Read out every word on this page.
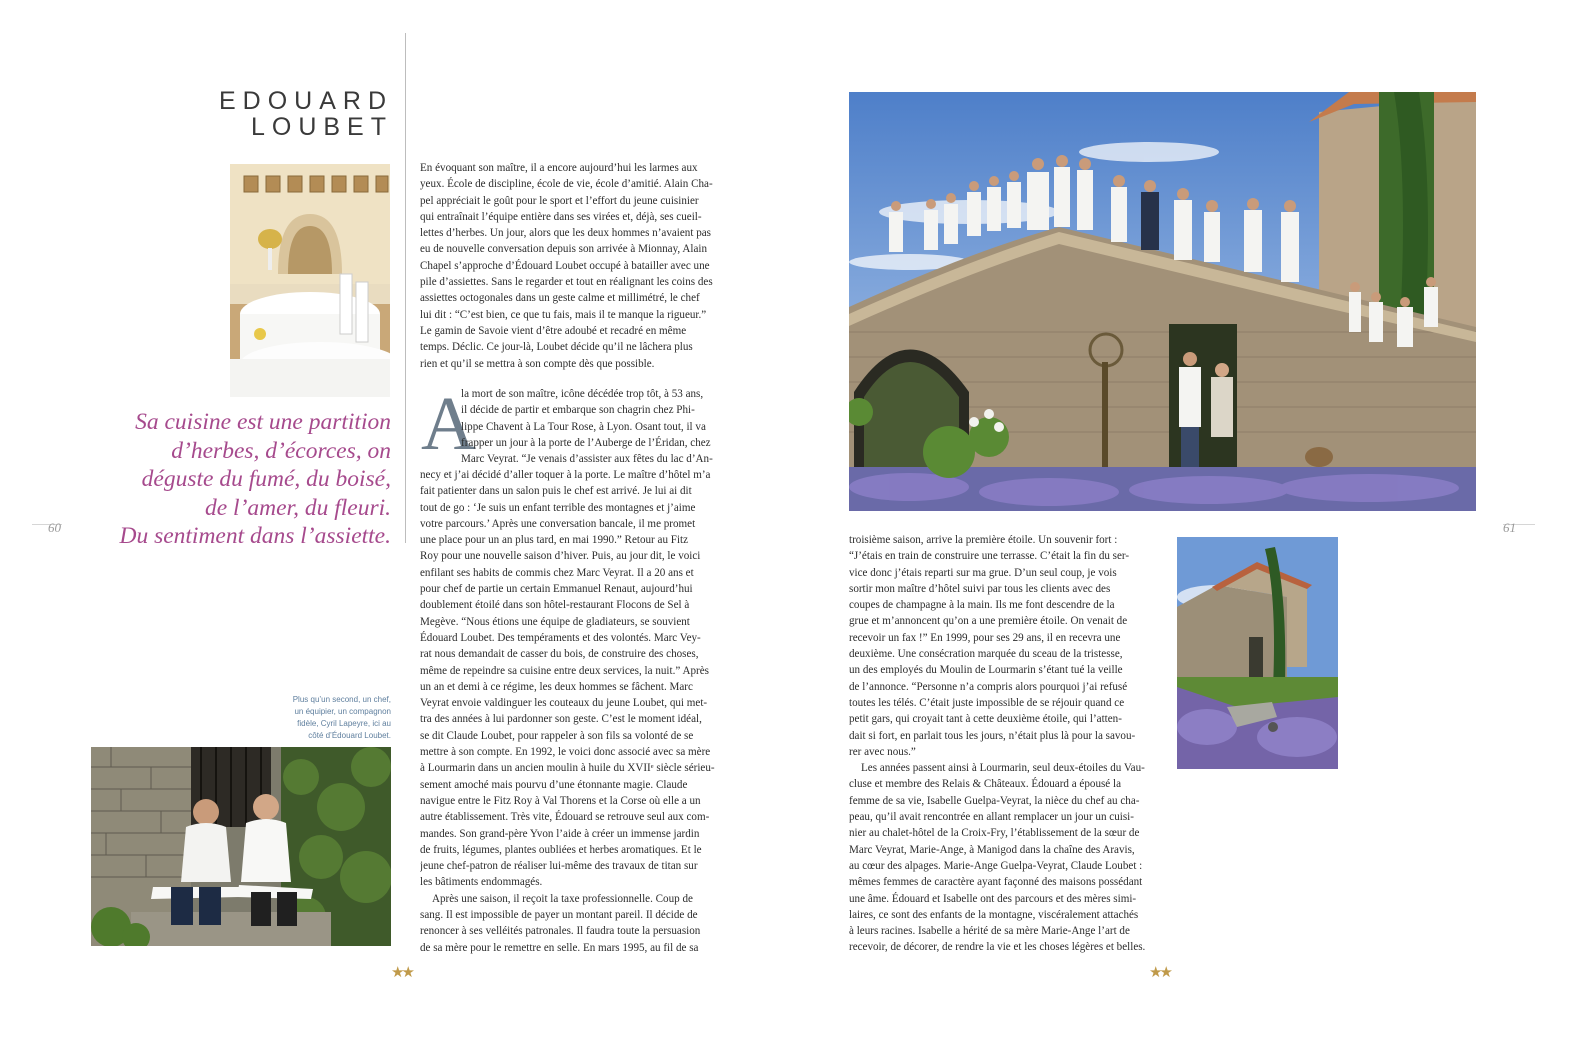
EDOUARD
LOUBET
Sa cuisine est une partition
d’herbes, d’écorces, on
déguste du fumé, du boisé,
de l’amer, du fleuri.
Du sentiment dans l’assiette.
60
Plus qu’un second, un chef,
un équipier, un compagnon
fidèle, Cyril Lapeyre, ici au
côté d’Édouard Loubet.
En évoquant son maître, il a encore aujourd’hui les larmes aux
yeux. École de discipline, école de vie, école d’amitié. Alain Cha-
pel appréciait le goût pour le sport et l’effort du jeune cuisinier
qui entraînait l’équipe entière dans ses virées et, déjà, ses cueil-
lettes d’herbes. Un jour, alors que les deux hommes n’avaient pas
eu de nouvelle conversation depuis son arrivée à Mionnay, Alain
Chapel s’approche d’Édouard Loubet occupé à batailler avec une
pile d’assiettes. Sans le regarder et tout en réalignant les coins des
assiettes octogonales dans un geste calme et millimétré, le chef
lui dit : “C’est bien, ce que tu fais, mais il te manque la rigueur.”
Le gamin de Savoie vient d’être adoubé et recadré en même
temps. Déclic. Ce jour-là, Loubet décide qu’il ne lâchera plus
rien et qu’il se mettra à son compte dès que possible.
A
la mort de son maître, icône décédée trop tôt, à 53 ans,
il décide de partir et embarque son chagrin chez Phi-
lippe Chavent à La Tour Rose, à Lyon. Osant tout, il va
frapper un jour à la porte de l’Auberge de l’Éridan, chez
Marc Veyrat. “Je venais d’assister aux fêtes du lac d’An-
necy et j’ai décidé d’aller toquer à la porte. Le maître d’hôtel m’a
fait patienter dans un salon puis le chef est arrivé. Je lui ai dit
tout de go : ‘Je suis un enfant terrible des montagnes et j’aime
votre parcours.’ Après une conversation bancale, il me promet
une place pour un an plus tard, en mai 1990.” Retour au Fitz
Roy pour une nouvelle saison d’hiver. Puis, au jour dit, le voici
enfilant ses habits de commis chez Marc Veyrat. Il a 20 ans et
pour chef de partie un certain Emmanuel Renaut, aujourd’hui
doublement étoilé dans son hôtel-restaurant Flocons de Sel à
Megève. “Nous étions une équipe de gladiateurs, se souvient
Édouard Loubet. Des tempéraments et des volontés. Marc Vey-
rat nous demandait de casser du bois, de construire des choses,
même de repeindre sa cuisine entre deux services, la nuit.” Après
un an et demi à ce régime, les deux hommes se fâchent. Marc
Veyrat envoie valdinguer les couteaux du jeune Loubet, qui met-
tra des années à lui pardonner son geste. C’est le moment idéal,
se dit Claude Loubet, pour rappeler à son fils sa volonté de se
mettre à son compte. En 1992, le voici donc associé avec sa mère
à Lourmarin dans un ancien moulin à huile du XVIIᵉ siècle sérieu-
sement amoché mais pourvu d’une étonnante magie. Claude
navigue entre le Fitz Roy à Val Thorens et la Corse où elle a un
autre établissement. Très vite, Édouard se retrouve seul aux com-
mandes. Son grand-père Yvon l’aide à créer un immense jardin
de fruits, légumes, plantes oubliées et herbes aromatiques. Et le
jeune chef-patron de réaliser lui-même des travaux de titan sur
les bâtiments endommagés.
Après une saison, il reçoit la taxe professionnelle. Coup de
sang. Il est impossible de payer un montant pareil. Il décide de
renoncer à ses velléités patronales. Il faudra toute la persuasion
de sa mère pour le remettre en selle. En mars 1995, au fil de sa
★★
troisième saison, arrive la première étoile. Un souvenir fort :
“J’étais en train de construire une terrasse. C’était la fin du ser-
vice donc j’étais reparti sur ma grue. D’un seul coup, je vois
sortir mon maître d’hôtel suivi par tous les clients avec des
coupes de champagne à la main. Ils me font descendre de la
grue et m’annoncent qu’on a une première étoile. On venait de
recevoir un fax !” En 1999, pour ses 29 ans, il en recevra une
deuxième. Une consécration marquée du sceau de la tristesse,
un des employés du Moulin de Lourmarin s’étant tué la veille
de l’annonce. “Personne n’a compris alors pourquoi j’ai refusé
toutes les télés. C’était juste impossible de se réjouir quand ce
petit gars, qui croyait tant à cette deuxième étoile, qui l’atten-
dait si fort, en parlait tous les jours, n’était plus là pour la savou-
rer avec nous.”
Les années passent ainsi à Lourmarin, seul deux-étoiles du Vau-
cluse et membre des Relais & Châteaux. Édouard a épousé la
femme de sa vie, Isabelle Guelpa-Veyrat, la nièce du chef au cha-
peau, qu’il avait rencontrée en allant remplacer un jour un cuisi-
nier au chalet-hôtel de la Croix-Fry, l’établissement de la sœur de
Marc Veyrat, Marie-Ange, à Manigod dans la chaîne des Aravis,
au cœur des alpages. Marie-Ange Guelpa-Veyrat, Claude Loubet :
mêmes femmes de caractère ayant façonné des maisons possédant
une âme. Édouard et Isabelle ont des parcours et des mères simi-
laires, ce sont des enfants de la montagne, viscéralement attachés
à leurs racines. Isabelle a hérité de sa mère Marie-Ange l’art de
recevoir, de décorer, de rendre la vie et les choses légères et belles.
61
★★
